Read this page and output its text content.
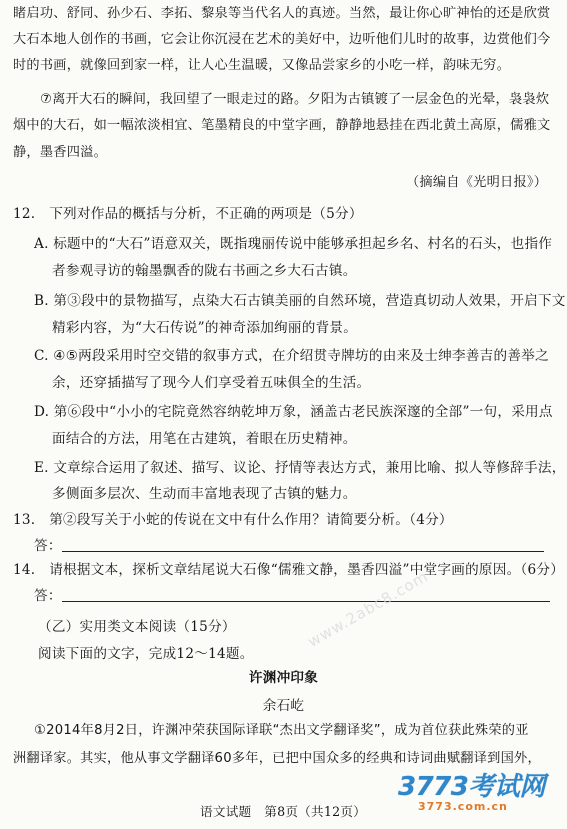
睹启功、舒同、孙少石、李拓、黎泉等当代名人的真迹。当然，最让你心旷神怡的还是欣赏

大石本地人创作的书画，它会让你沉浸在艺术的美好中，边听他们儿时的故事，边赏他们今

时的书画，就像回到家一样，让人心生温暖，又像品尝家乡的小吃一样，韵味无穷。

⑦离开大石的瞬间，我回望了一眼走过的路。夕阳为古镇镀了一层金色的光晕，袅袅炊

烟中的大石，如一幅浓淡相宜、笔墨精良的中堂字画，静静地悬挂在西北黄土高原，儒雅文

静，墨香四溢。

（摘编自《光明日报》）

12.　下列对作品的概括与分析，不正确的两项是（5分）

A. 标题中的“大石”语意双关，既指瑰丽传说中能够承担起乡名、村名的石头，也指作

者参观寻访的翰墨飘香的陇右书画之乡大石古镇。

B. 第③段中的景物描写，点染大石古镇美丽的自然环境，营造真切动人效果，开启下文

精彩内容，为“大石传说”的神奇添加绚丽的背景。

C. ④⑤两段采用时空交错的叙事方式，在介绍贯寺牌坊的由来及士绅李善吉的善举之

余，还穿插描写了现今人们享受着五味俱全的生活。

D. 第⑥段中“小小的宅院竟然容纳乾坤万象，涵盖古老民族深邃的全部”一句，采用点

面结合的方法，用笔在古建筑，着眼在历史精神。

E. 文章综合运用了叙述、描写、议论、抒情等表达方式，兼用比喻、拟人等修辞手法，

多侧面多层次、生动而丰富地表现了古镇的魅力。

13.　第②段写关于小蛇的传说在文中有什么作用？请简要分析。（4分）

答：

14.　请根据文本，探析文章结尾说大石像“儒雅文静，墨香四溢”中堂字画的原因。（6分）

答：

（乙）实用类文本阅读（15分）

阅读下面的文字，完成12～14题。

许渊冲印象

余石屹

①2014年8月2日，许渊冲荣获国际译联“杰出文学翻译奖”，成为首位获此殊荣的亚

洲翻译家。其实，他从事文学翻译60多年，已把中国众多的经典和诗词曲赋翻译到国外，

语文试题　第8页（共12页）

www.2abc8.com
3773考试网
3773.com.cn
